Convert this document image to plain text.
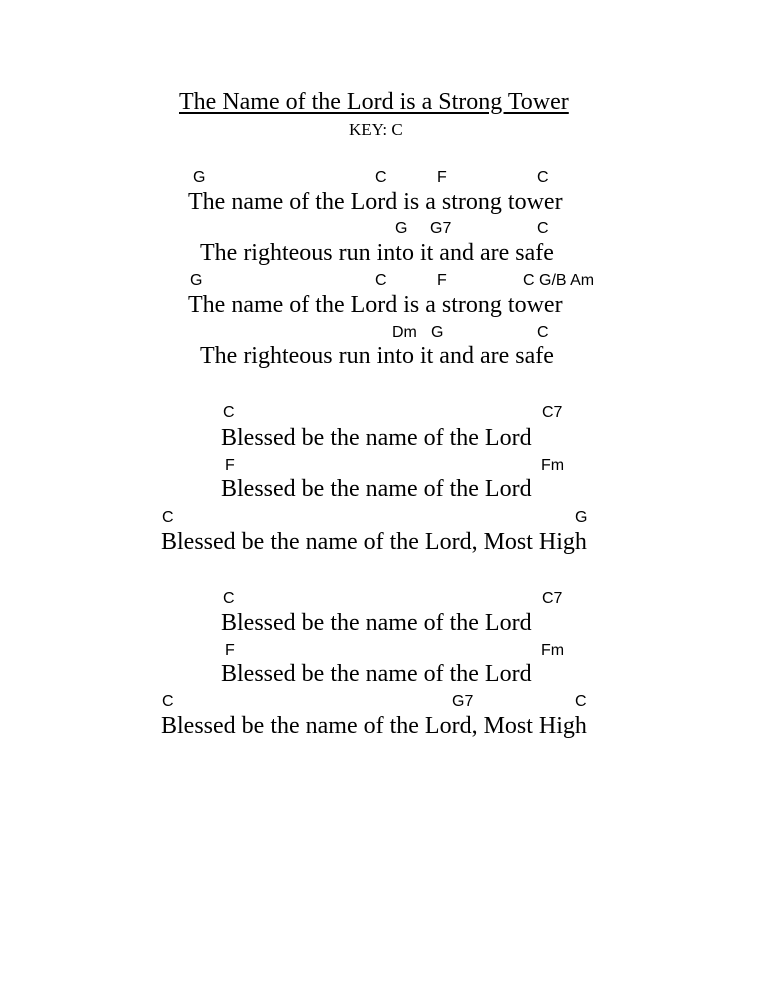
The Name of the Lord is a Strong Tower
KEY: C
G	C	F	C
The name of the Lord is a strong tower
G G7	C
The righteous run into it and are safe
G	C	F	C G/B Am
The name of the Lord is a strong tower
Dm G	C
The righteous run into it and are safe
C	C7
Blessed be the name of the Lord
F	Fm
Blessed be the name of the Lord
C	G
Blessed be the name of the Lord, Most High
C	C7
Blessed be the name of the Lord
F	Fm
Blessed be the name of the Lord
C	G7	C
Blessed be the name of the Lord, Most High
